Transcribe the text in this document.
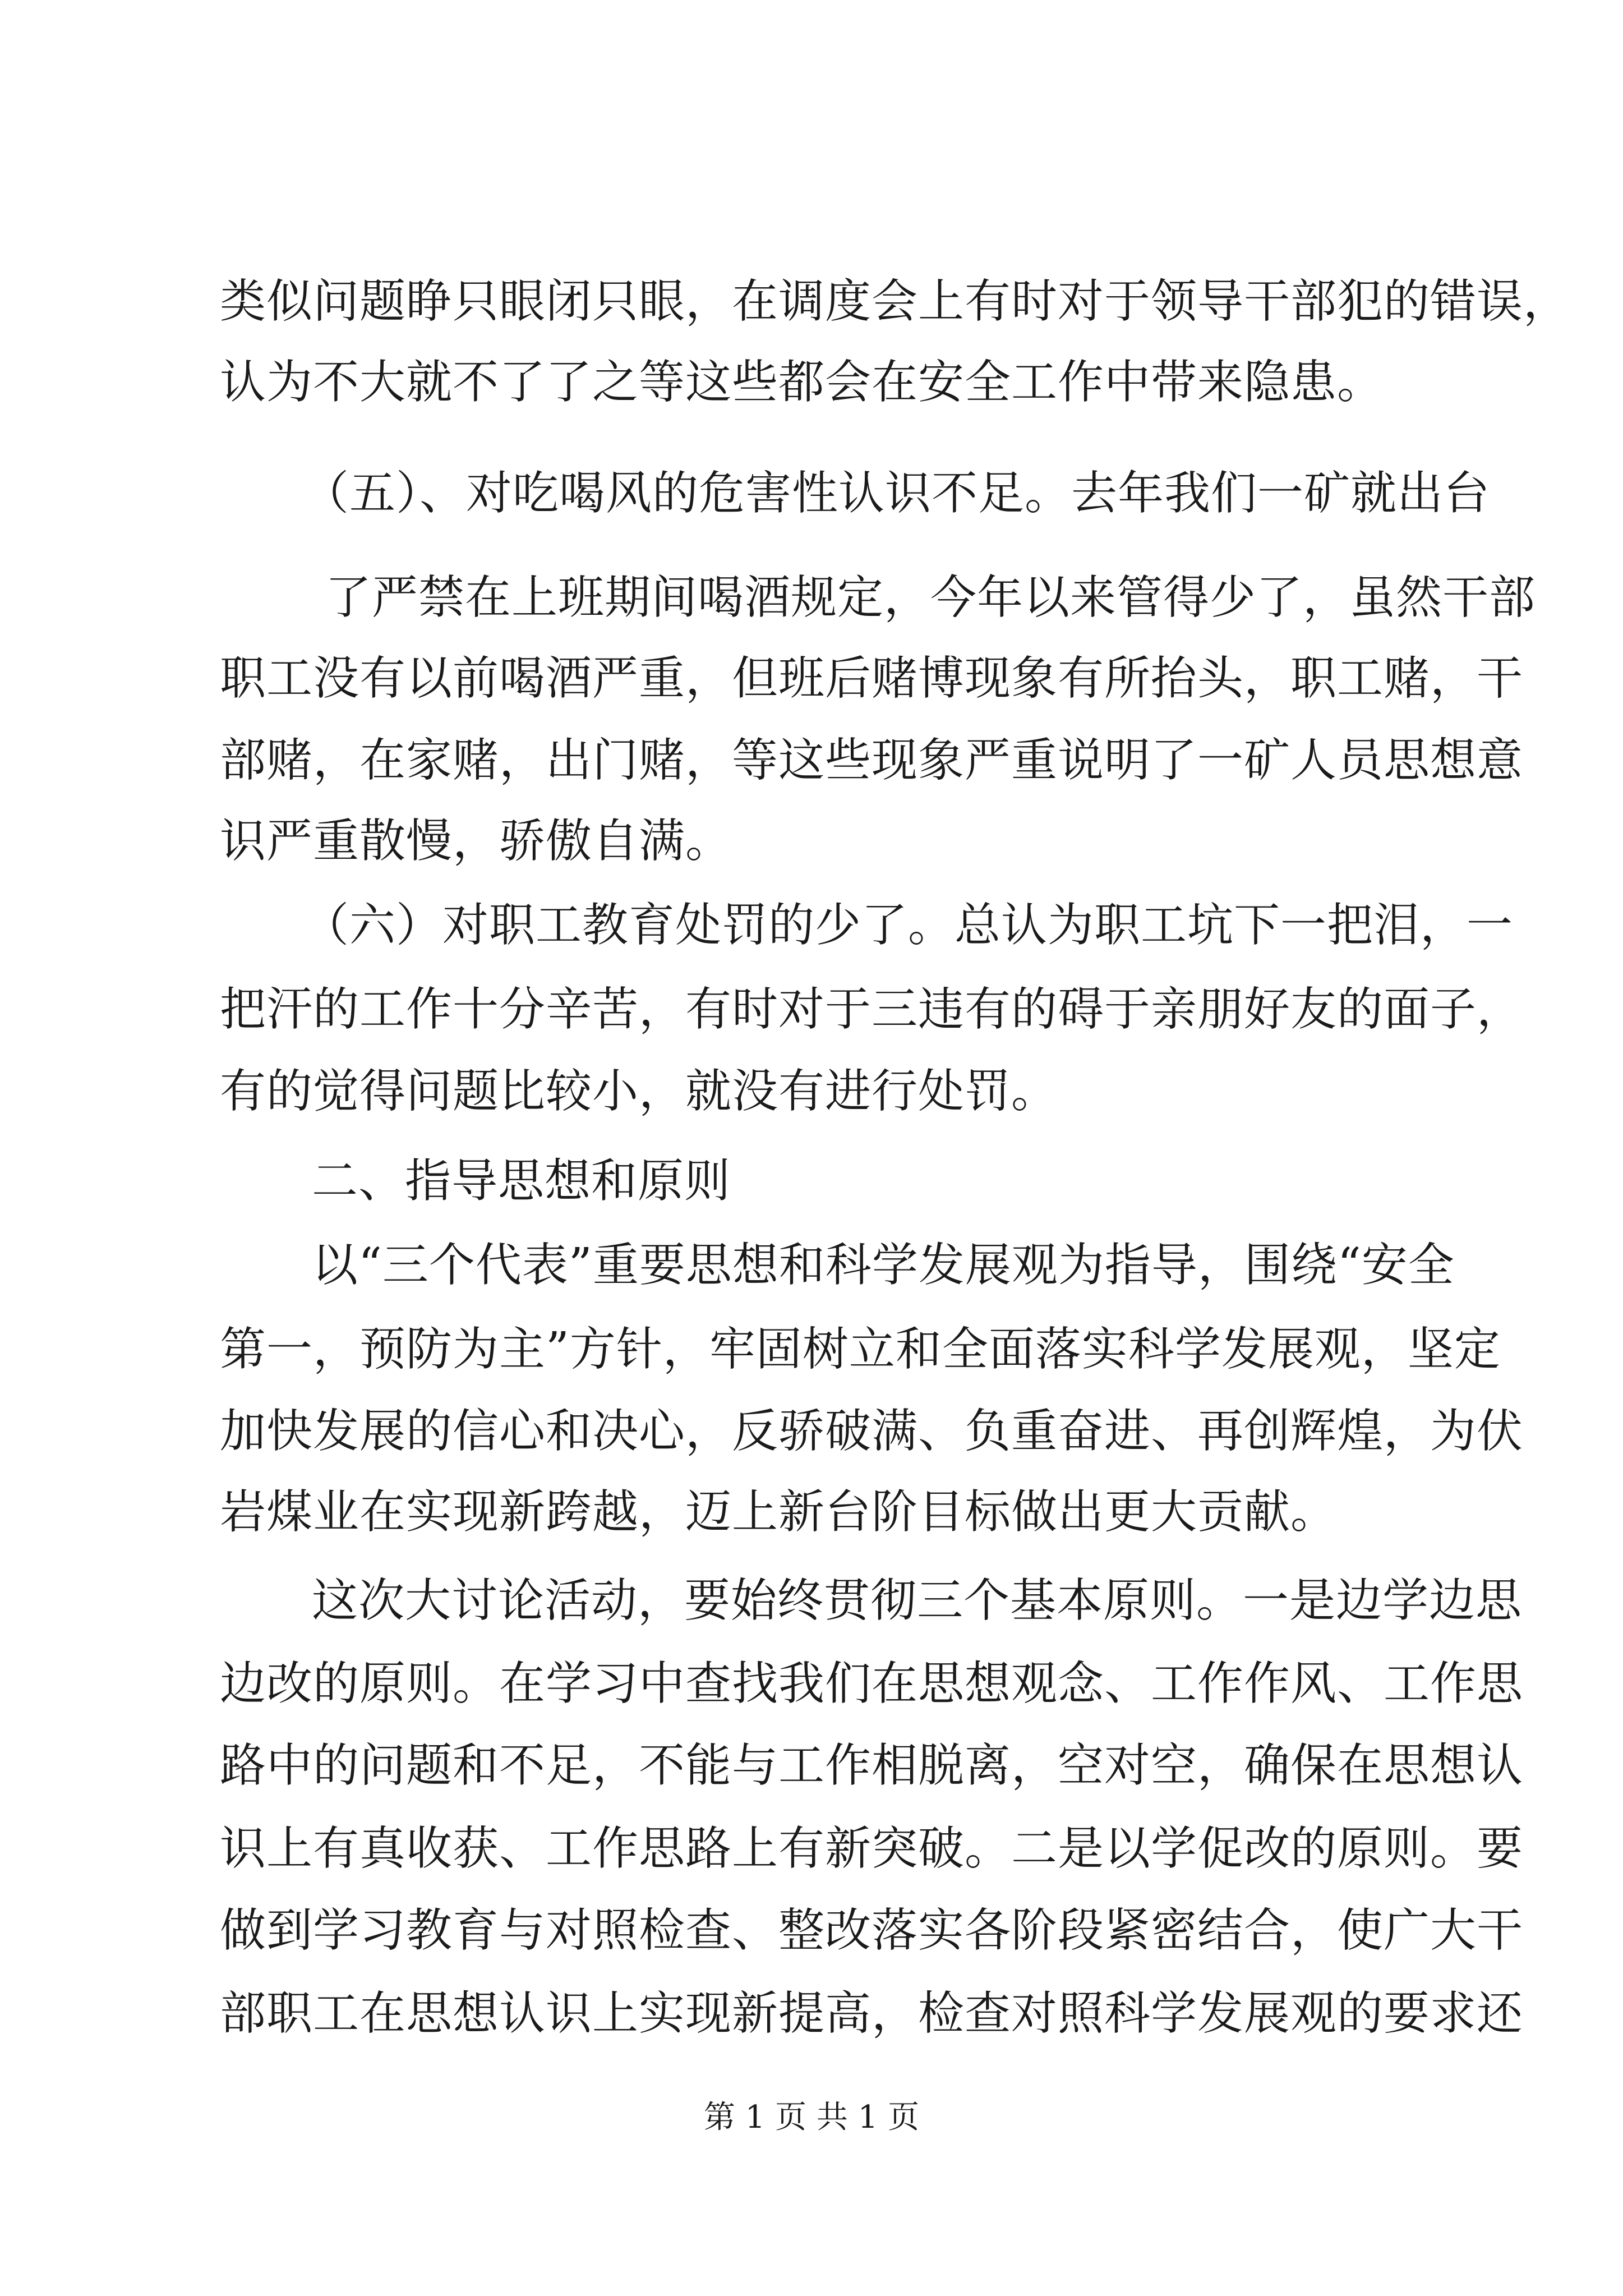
类似问题睁只眼闭只眼，在调度会上有时对于领导干部犯的错误，
认为不大就不了了之等这些都会在安全工作中带来隐患。
（五）、对吃喝风的危害性认识不足。去年我们一矿就出台
了严禁在上班期间喝酒规定，今年以来管得少了，虽然干部
职工没有以前喝酒严重，但班后赌博现象有所抬头，职工赌，干
部赌，在家赌，出门赌，等这些现象严重说明了一矿人员思想意
识严重散慢，骄傲自满。
（六）对职工教育处罚的少了。总认为职工坑下一把泪，一
把汗的工作十分辛苦，有时对于三违有的碍于亲朋好友的面子，
有的觉得问题比较小，就没有进行处罚。
二、指导思想和原则
以“三个代表”重要思想和科学发展观为指导，围绕“安全
第一，预防为主”方针，牢固树立和全面落实科学发展观，坚定
加快发展的信心和决心，反骄破满、负重奋进、再创辉煌，为伏
岩煤业在实现新跨越，迈上新台阶目标做出更大贡献。
这次大讨论活动，要始终贯彻三个基本原则。一是边学边思
边改的原则。在学习中查找我们在思想观念、工作作风、工作思
路中的问题和不足，不能与工作相脱离，空对空，确保在思想认
识上有真收获、工作思路上有新突破。二是以学促改的原则。要
做到学习教育与对照检查、整改落实各阶段紧密结合，使广大干
部职工在思想认识上实现新提高，检查对照科学发展观的要求还
第 1 页 共 1 页
